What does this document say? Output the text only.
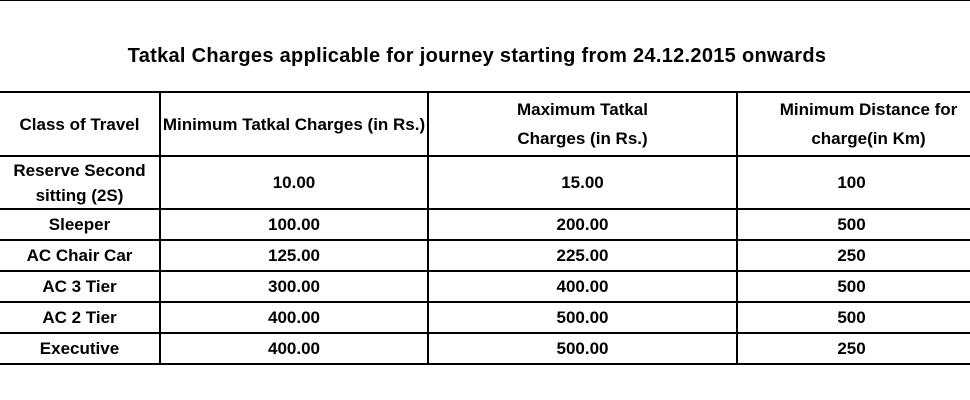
Tatkal Charges applicable for journey starting from 24.12.2015 onwards
Class of Travel	Minimum Tatkal Charges (in Rs.)	Maximum Tatkal Charges (in Rs.)	Minimum Distance for charge(in Km)

Reserve Second sitting (2S)	10.00	15.00	100

Sleeper	100.00	200.00	500

AC Chair Car	125.00	225.00	250

AC 3 Tier	300.00	400.00	500

AC 2 Tier	400.00	500.00	500

Executive	400.00	500.00	250
